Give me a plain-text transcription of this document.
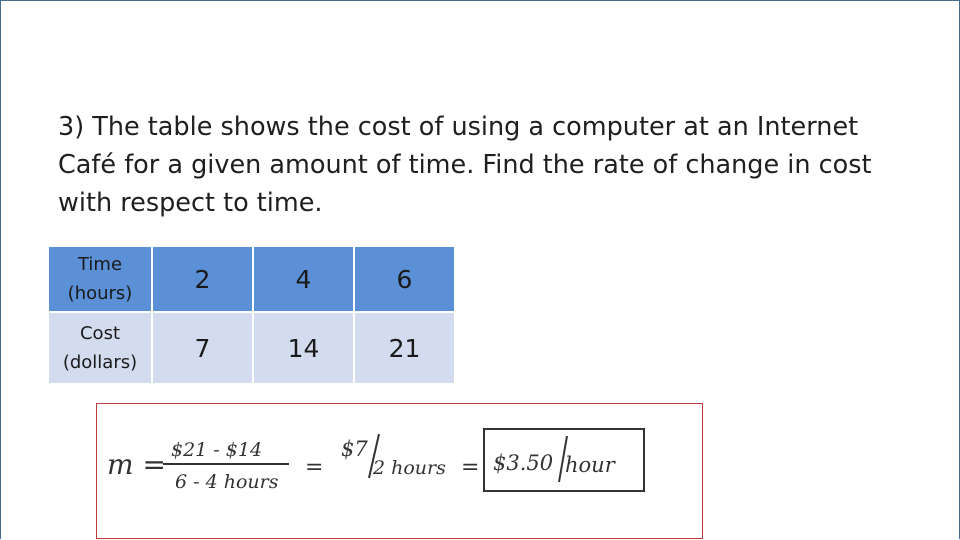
3) The table shows the cost of using a computer at an Internet Café for a given amount of time. Find the rate of change in cost with respect to time.
Time
(hours)	2	4	6

Cost
(dollars)	7	14	21
m = $21 - $14
6 - 4 hours
=
$7
2 hours = $3.50 hour
